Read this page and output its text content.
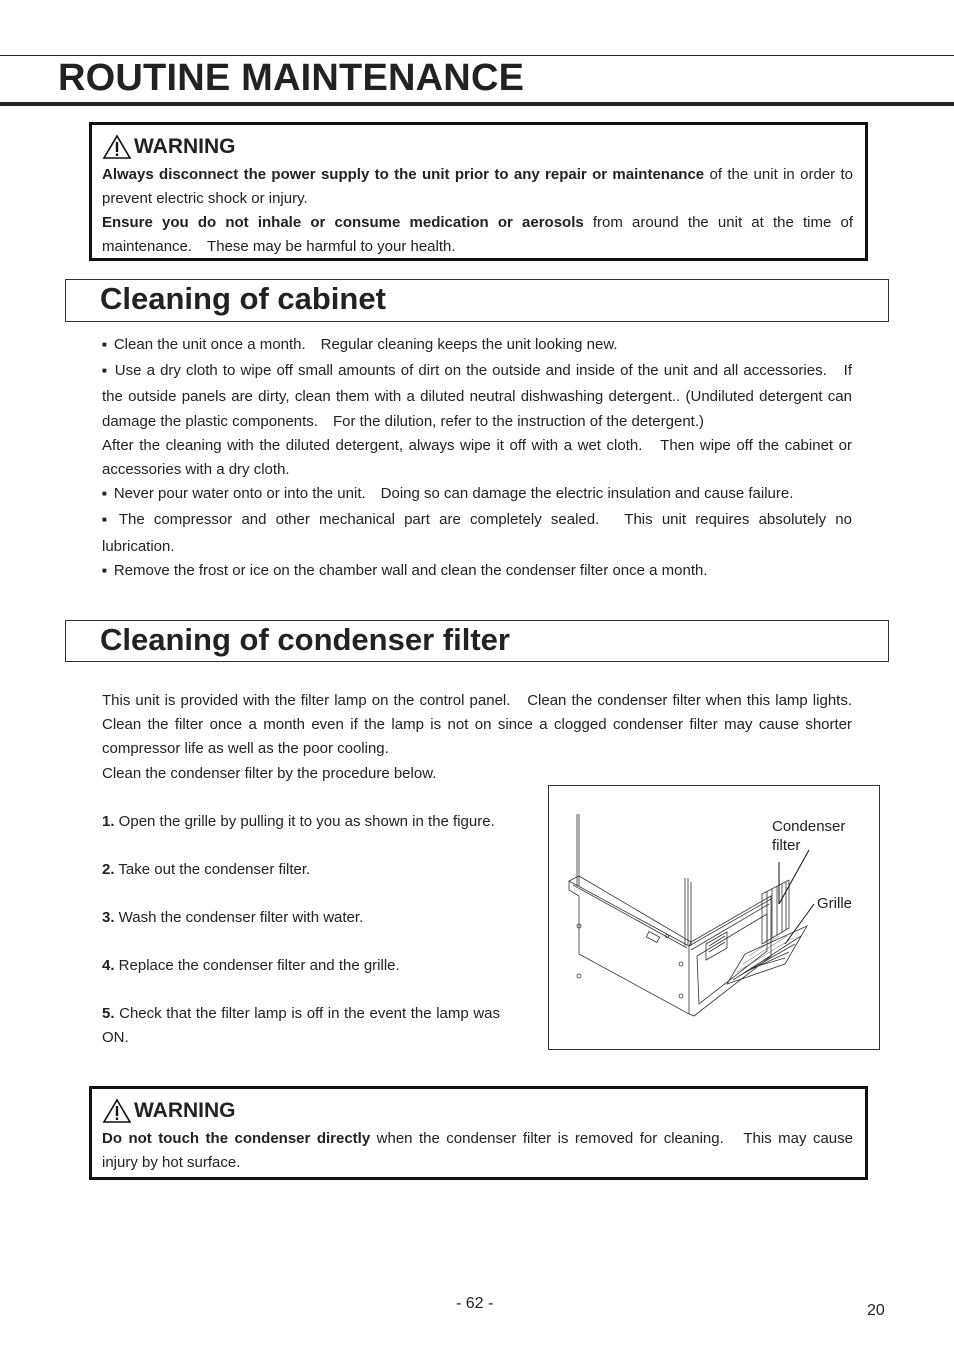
ROUTINE MAINTENANCE
WARNING

Always disconnect the power supply to the unit prior to any repair or maintenance of the unit in order to prevent electric shock or injury.

Ensure you do not inhale or consume medication or aerosols from around the unit at the time of maintenance.　These may be harmful to your health.

Cleaning of cabinet

■ Clean the unit once a month.　Regular cleaning keeps the unit looking new.

■ Use a dry cloth to wipe off small amounts of dirt on the outside and inside of the unit and all accessories.　If the outside panels are dirty, clean them with a diluted neutral dishwashing detergent.. (Undiluted detergent can damage the plastic components.　For the dilution, refer to the instruction of the detergent.)

After the cleaning with the diluted detergent, always wipe it off with a wet cloth.　Then wipe off the cabinet or accessories with a dry cloth.

■ Never pour water onto or into the unit.　Doing so can damage the electric insulation and cause failure.

■ The compressor and other mechanical part are completely sealed.　This unit requires absolutely no lubrication.

■ Remove the frost or ice on the chamber wall and clean the condenser filter once a month.

Cleaning of condenser filter

This unit is provided with the filter lamp on the control panel.　Clean the condenser filter when this lamp lights.　Clean the filter once a month even if the lamp is not on since a clogged condenser filter may cause shorter compressor life as well as the poor cooling.

Clean the condenser filter by the procedure below.

1. Open the grille by pulling it to you as shown in the figure.

2. Take out the condenser filter.

3. Wash the condenser filter with water.

4. Replace the condenser filter and the grille.

5. Check that the filter lamp is off in the event the lamp was ON.

Condenser
filter
Grille
WARNING

Do not touch the condenser directly when the condenser filter is removed for cleaning.　This may cause injury by hot surface.

- 62 -	20
